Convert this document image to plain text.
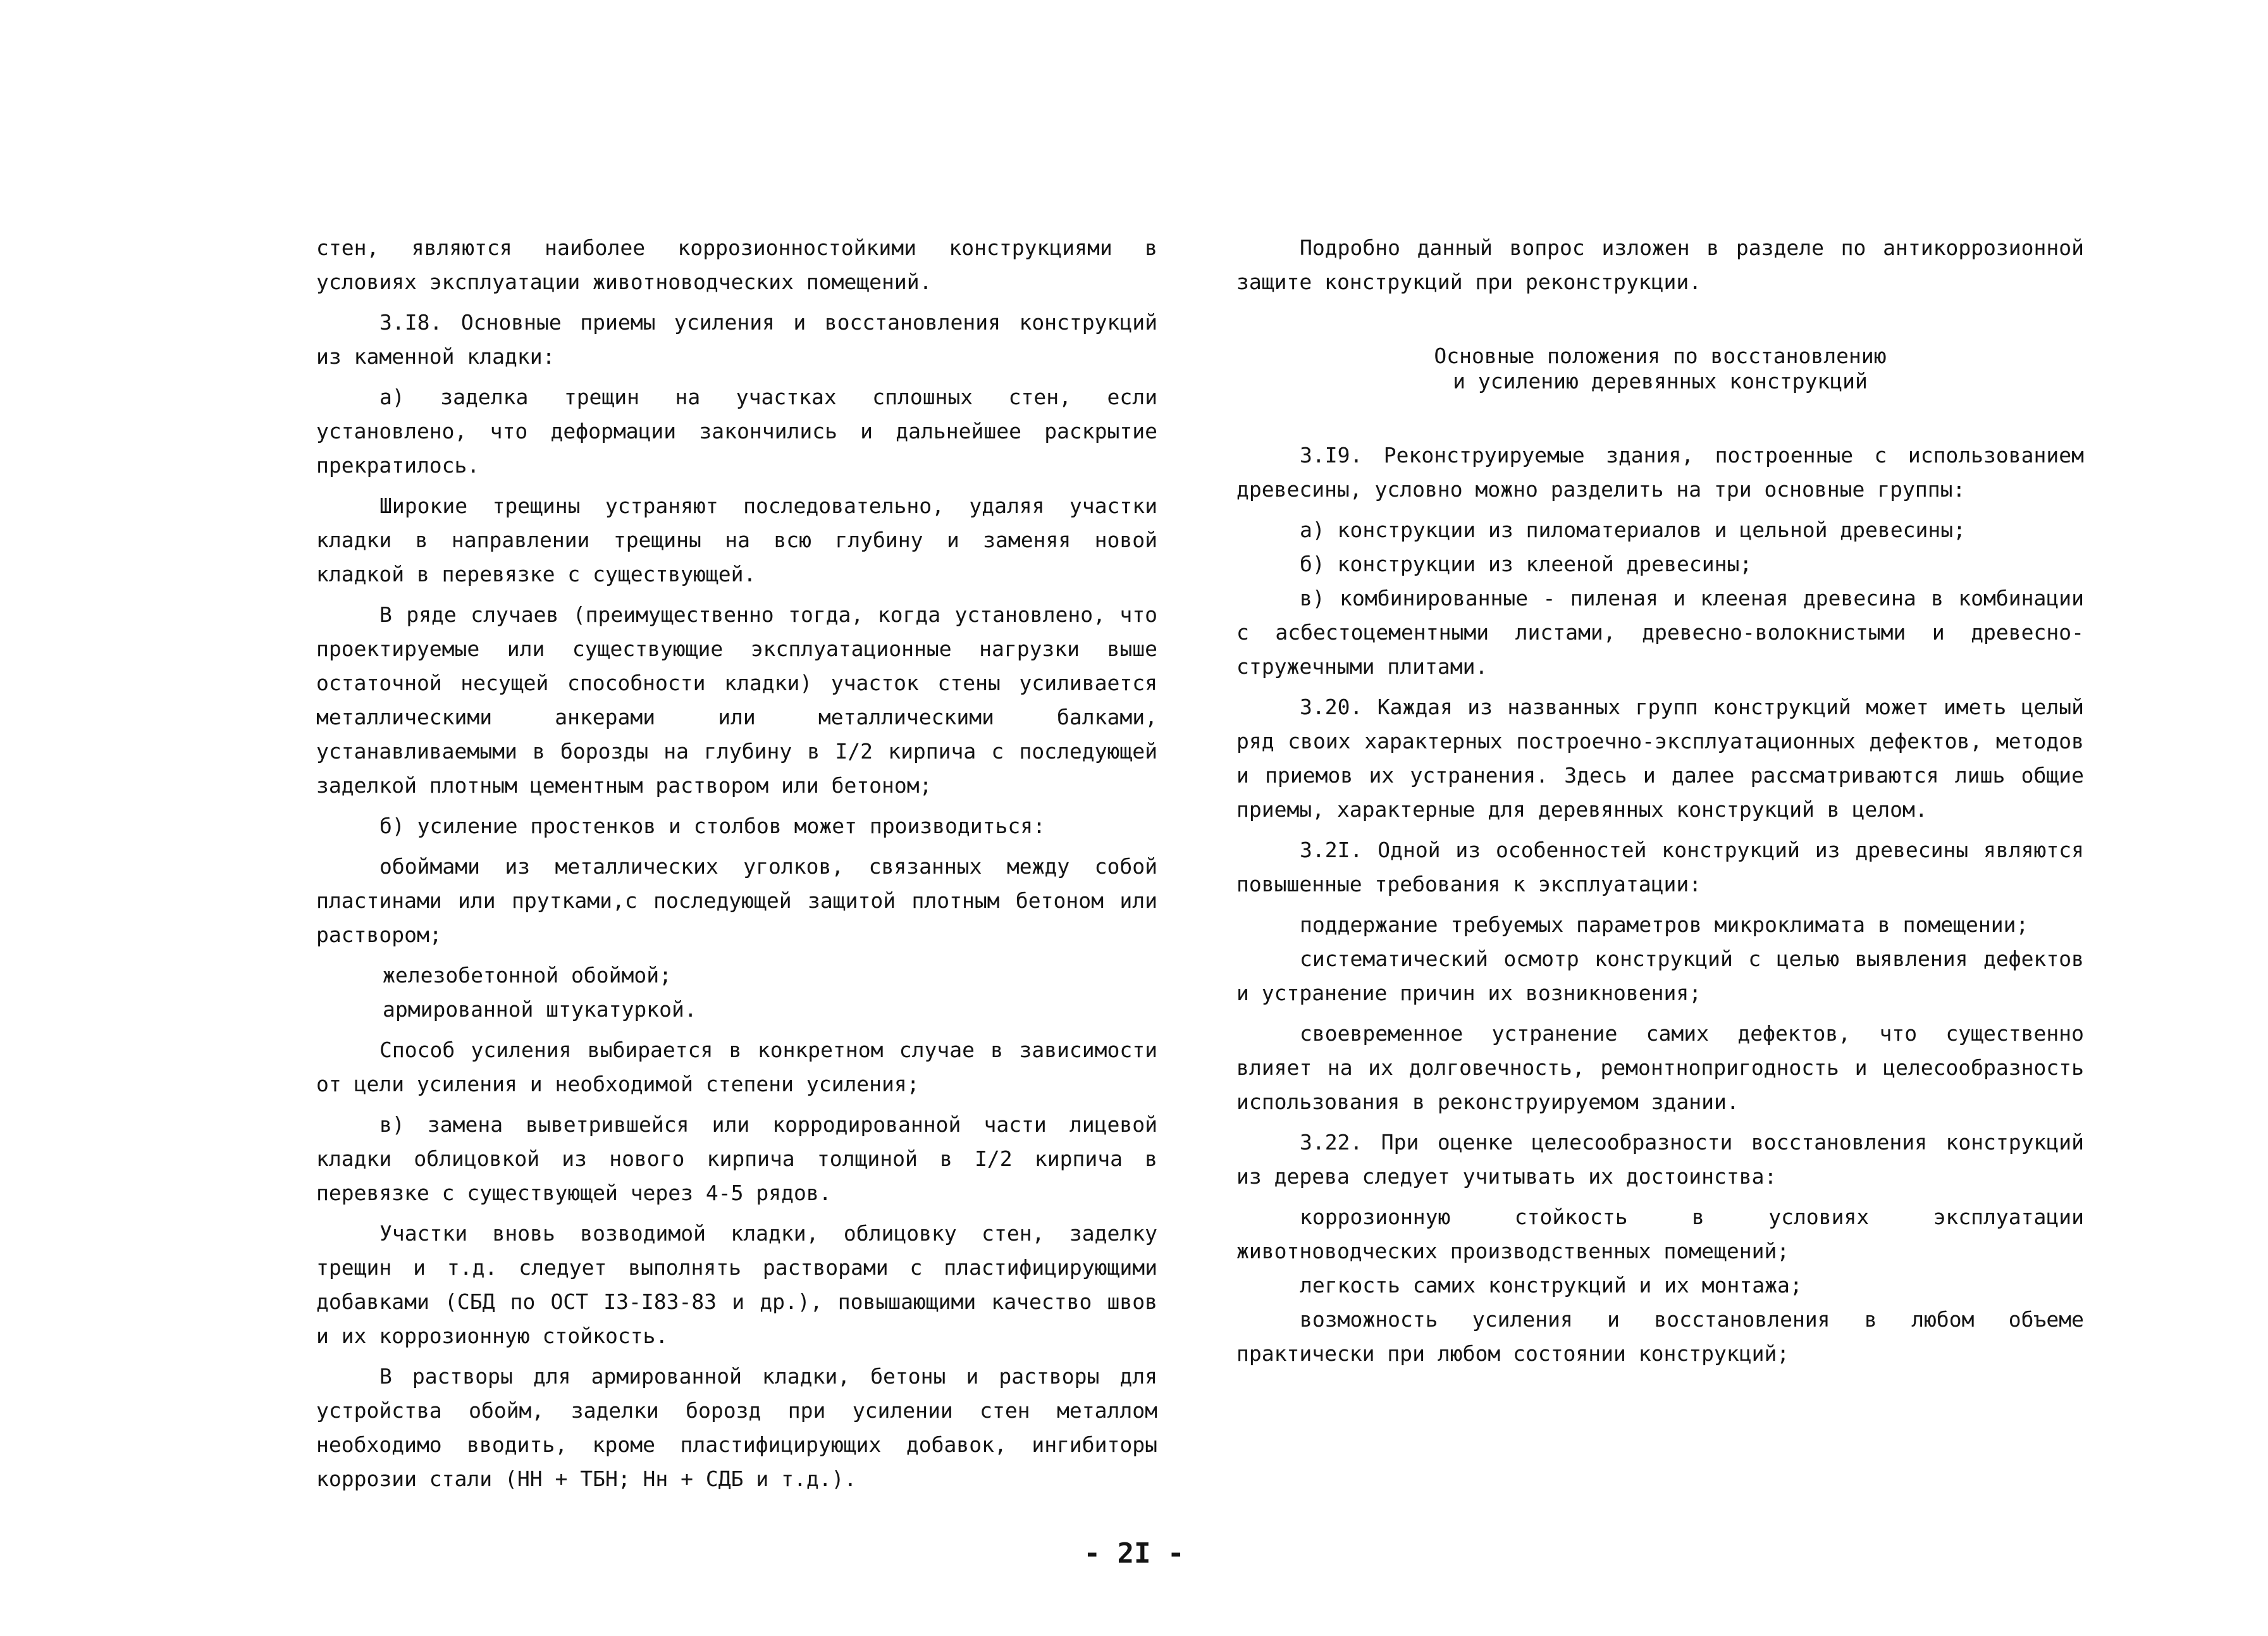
стен, являются наиболее коррозионностойкими конструкциями в условиях эксплуатации животноводческих помещений.

3.I8. Основные приемы усиления и восстановления конструкций из каменной кладки:

а) заделка трещин на участках сплошных стен, если установлено, что деформации закончились и дальнейшее раскрытие прекратилось.

Широкие трещины устраняют последовательно, удаляя участки кладки в направлении трещины на всю глубину и заменяя новой кладкой в перевязке с существующей.

В ряде случаев (преимущественно тогда, когда установлено, что проектируемые или существующие эксплуатационные нагрузки выше остаточной несущей способности кладки) участок стены усиливается металлическими анкерами или металлическими балками, устанавливаемыми в борозды на глубину в I/2 кирпича с последующей заделкой плотным цементным раствором или бетоном;

б) усиление простенков и столбов может производиться:

обоймами из металлических уголков, связанных между собой пластинами или прутками,с последующей защитой плотным бетоном или раствором;

железобетонной обоймой;

армированной штукатуркой.

Способ усиления выбирается в конкретном случае в зависимости от цели усиления и необходимой степени усиления;

в) замена выветрившейся или корродированной части лицевой кладки облицовкой из нового кирпича толщиной в I/2 кирпича в перевязке с существующей через 4-5 рядов.

Участки вновь возводимой кладки, облицовку стен, заделку трещин и т.д. следует выполнять растворами с пластифицирующими добавками (СБД по ОСТ I3-I83-83 и др.), повышающими качество швов и их коррозионную стойкость.

В растворы для армированной кладки, бетоны и растворы для устройства обойм, заделки борозд при усилении стен металлом необходимо вводить, кроме пластифицирующих добавок, ингибиторы коррозии стали (НН + ТБН; Нн + СДБ и т.д.).

Подробно данный вопрос изложен в разделе по антикоррозионной защите конструкций при реконструкции.

Основные положения по восстановлению
и усилению деревянных конструкций

3.I9. Реконструируемые здания, построенные с использованием древесины, условно можно разделить на три основные группы:

а) конструкции из пиломатериалов и цельной древесины;

б) конструкции из клееной древесины;

в) комбинированные - пиленая и клееная древесина в комбинации с асбестоцементными листами, древесно-волокнистыми и древесно-стружечными плитами.

3.20. Каждая из названных групп конструкций может иметь целый ряд своих характерных построечно-эксплуатационных дефектов, методов и приемов их устранения. Здесь и далее рассматриваются лишь общие приемы, характерные для деревянных конструкций в целом.

3.2I. Одной из особенностей конструкций из древесины являются повышенные требования к эксплуатации:

поддержание требуемых параметров микроклимата в помещении;

систематический осмотр конструкций с целью выявления дефектов и устранение причин их возникновения;

своевременное устранение самих дефектов, что существенно влияет на их долговечность, ремонтнопригодность и целесообразность использования в реконструируемом здании.

3.22. При оценке целесообразности восстановления конструкций из дерева следует учитывать их достоинства:

коррозионную стойкость в условиях эксплуатации животноводческих производственных помещений;

легкость самих конструкций и их монтажа;

возможность усиления и восстановления в любом объеме практически при любом состоянии конструкций;

- 2I -
